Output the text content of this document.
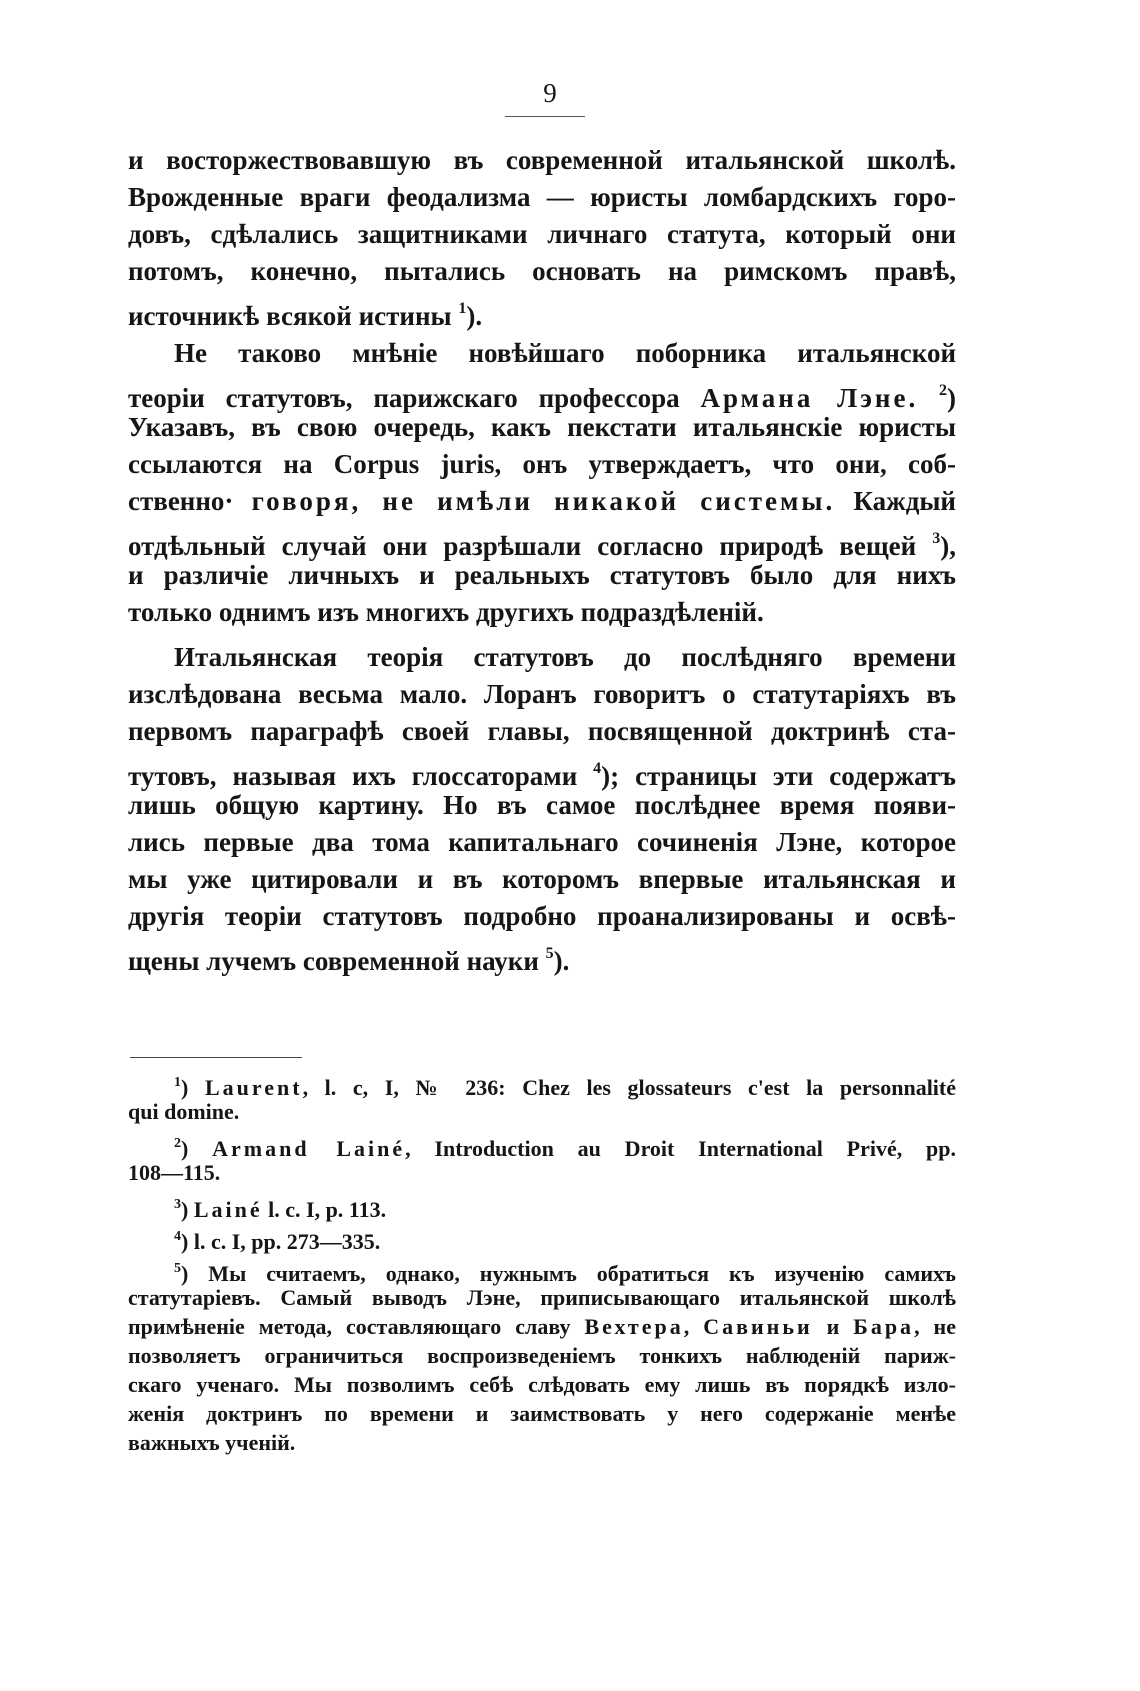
9
и восторжествовавшую въ современной итальянской школѣ.
Врожденные враги феодализма — юристы ломбардскихъ горо-
довъ, сдѣлались защитниками личнаго статута, который они
потомъ, конечно, пытались основать на римскомъ правѣ,
источникѣ всякой истины $^1$).
Не таково мнѣніе новѣйшаго поборника итальянской
теоріи статутовъ, парижскаго профессора Армана Лэне. $^2$)
Указавъ, въ свою очередь, какъ пекстати итальянскіе юристы
ссылаются на Corpus juris, онъ утверждаетъ, что они, соб-
ственно· говоря, не имѣли никакой системы. Каждый
отдѣльный случай они разрѣшали согласно природѣ вещей $^3$),
и различіе личныхъ и реальныхъ статутовъ было для нихъ
только однимъ изъ многихъ другихъ подраздѣленій.
Итальянская теорія статутовъ до послѣдняго времени
изслѣдована весьма мало. Лоранъ говоритъ о статутаріяхъ въ
первомъ параграфѣ своей главы, посвященной доктринѣ ста-
тутовъ, называя ихъ глоссаторами $^4$); страницы эти содержатъ
лишь общую картину. Но въ самое послѣднее время появи-
лись первые два тома капитальнаго сочиненія Лэне, которое
мы уже цитировали и въ которомъ впервые итальянская и
другія теоріи статутовъ подробно проанализированы и освѣ-
щены лучемъ современной науки $^5$).
$^1$) Laurent, l. c, I, № 236: Chez les glossateurs c'est la personnalité
qui domine.
$^2$) Armand Lainé, Introduction au Droit International Privé, pp.
108—115.
$^3$) Lainé l. c. I, p. 113.
$^4$) l. c. I, pp. 273—335.
$^5$) Мы считаемъ, однако, нужнымъ обратиться къ изученію самихъ
статутаріевъ. Самый выводъ Лэне, приписывающаго итальянской школѣ
примѣненіе метода, составляющаго славу Вехтера, Савиньи и Бара, не
позволяетъ ограничиться воспроизведеніемъ тонкихъ наблюденій париж-
скаго ученаго. Мы позволимъ себѣ слѣдовать ему лишь въ порядкѣ изло-
женія доктринъ по времени и заимствовать у него содержаніе менѣе
важныхъ ученій.
